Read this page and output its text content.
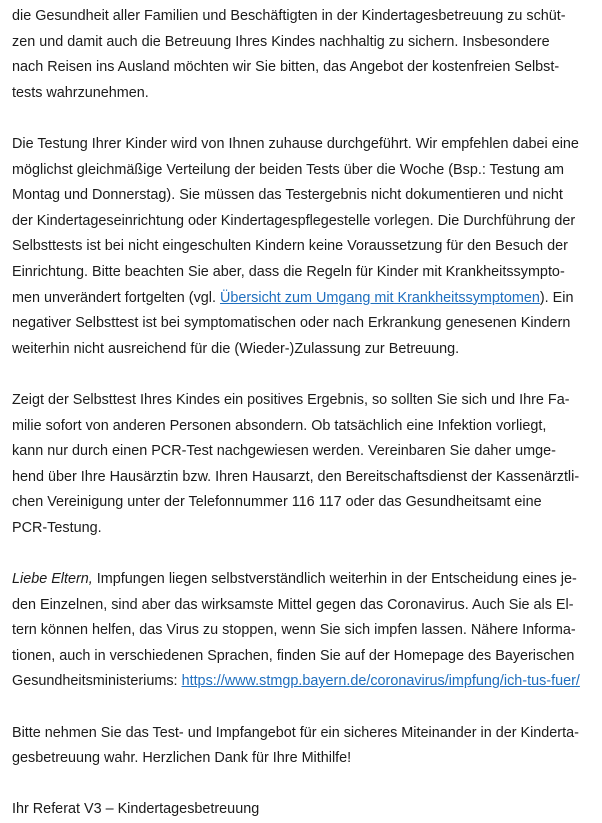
die Gesundheit aller Familien und Beschäftigten in der Kindertagesbetreuung zu schüt-
zen und damit auch die Betreuung Ihres Kindes nachhaltig zu sichern. Insbesondere
nach Reisen ins Ausland möchten wir Sie bitten, das Angebot der kostenfreien Selbst-
tests wahrzunehmen.
Die Testung Ihrer Kinder wird von Ihnen zuhause durchgeführt. Wir empfehlen dabei eine
möglichst gleichmäßige Verteilung der beiden Tests über die Woche (Bsp.: Testung am
Montag und Donnerstag). Sie müssen das Testergebnis nicht dokumentieren und nicht
der Kindertageseinrichtung oder Kindertagespflegestelle vorlegen. Die Durchführung der
Selbsttests ist bei nicht eingeschulten Kindern keine Voraussetzung für den Besuch der
Einrichtung. Bitte beachten Sie aber, dass die Regeln für Kinder mit Krankheitssympto-
men unverändert fortgelten (vgl. Übersicht zum Umgang mit Krankheitssymptomen). Ein
negativer Selbsttest ist bei symptomatischen oder nach Erkrankung genesenen Kindern
weiterhin nicht ausreichend für die (Wieder-)Zulassung zur Betreuung.
Zeigt der Selbsttest Ihres Kindes ein positives Ergebnis, so sollten Sie sich und Ihre Fa-
milie sofort von anderen Personen absondern. Ob tatsächlich eine Infektion vorliegt,
kann nur durch einen PCR-Test nachgewiesen werden. Vereinbaren Sie daher umge-
hend über Ihre Hausärztin bzw. Ihren Hausarzt, den Bereitschaftsdienst der Kassenärztli-
chen Vereinigung unter der Telefonnummer 116 117 oder das Gesundheitsamt eine
PCR-Testung.
Liebe Eltern, Impfungen liegen selbstverständlich weiterhin in der Entscheidung eines je-
den Einzelnen, sind aber das wirksamste Mittel gegen das Coronavirus. Auch Sie als El-
tern können helfen, das Virus zu stoppen, wenn Sie sich impfen lassen. Nähere Informa-
tionen, auch in verschiedenen Sprachen, finden Sie auf der Homepage des Bayerischen
Gesundheitsministeriums: https://www.stmgp.bayern.de/coronavirus/impfung/ich-tus-fuer/
Bitte nehmen Sie das Test- und Impfangebot für ein sicheres Miteinander in der Kinderta-
gesbetreuung wahr. Herzlichen Dank für Ihre Mithilfe!
Ihr Referat V3 – Kindertagesbetreuung
